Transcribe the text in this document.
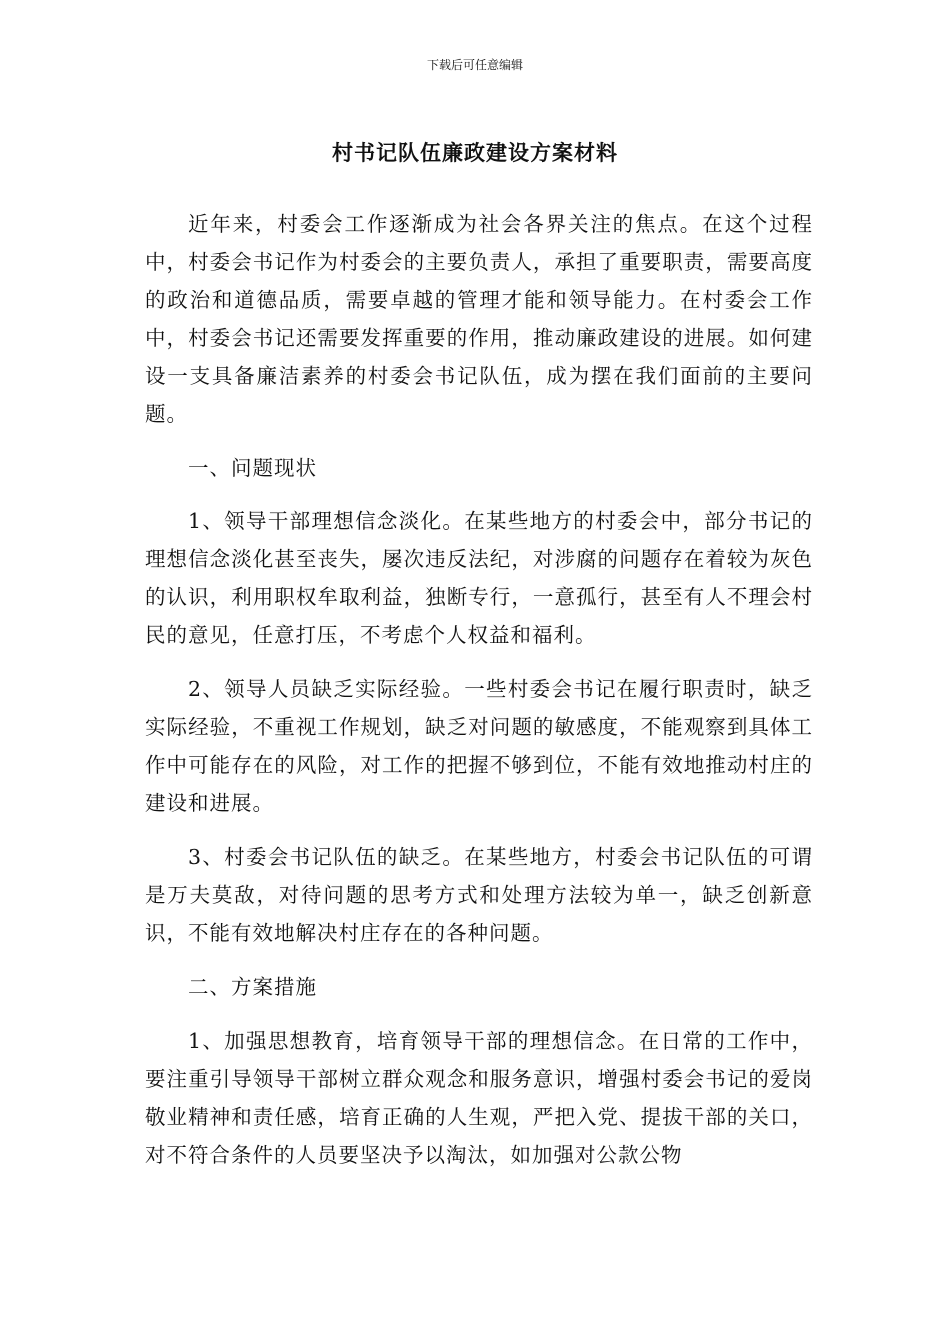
下载后可任意编辑
村书记队伍廉政建设方案材料

近年来，村委会工作逐渐成为社会各界关注的焦点。在这个过程中，村委会书记作为村委会的主要负责人，承担了重要职责，需要高度的政治和道德品质，需要卓越的管理才能和领导能力。在村委会工作中，村委会书记还需要发挥重要的作用，推动廉政建设的进展。如何建设一支具备廉洁素养的村委会书记队伍，成为摆在我们面前的主要问题。

一、问题现状

1、领导干部理想信念淡化。在某些地方的村委会中，部分书记的理想信念淡化甚至丧失，屡次违反法纪，对涉腐的问题存在着较为灰色的认识，利用职权牟取利益，独断专行，一意孤行，甚至有人不理会村民的意见，任意打压，不考虑个人权益和福利。

2、领导人员缺乏实际经验。一些村委会书记在履行职责时，缺乏实际经验，不重视工作规划，缺乏对问题的敏感度，不能观察到具体工作中可能存在的风险，对工作的把握不够到位，不能有效地推动村庄的建设和进展。

3、村委会书记队伍的缺乏。在某些地方，村委会书记队伍的可谓是万夫莫敌，对待问题的思考方式和处理方法较为单一，缺乏创新意识，不能有效地解决村庄存在的各种问题。

二、方案措施

1、加强思想教育，培育领导干部的理想信念。在日常的工作中，要注重引导领导干部树立群众观念和服务意识，增强村委会书记的爱岗敬业精神和责任感，培育正确的人生观，严把入党、提拔干部的关口，对不符合条件的人员要坚决予以淘汰，如加强对公款公物
